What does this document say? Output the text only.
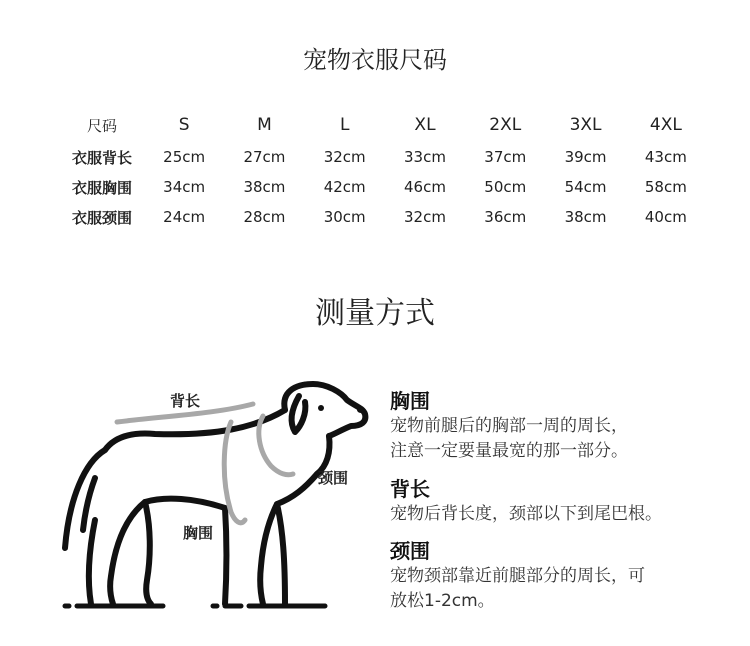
宠物衣服尺码
尺码	S	M	L	XL	2XL	3XL	4XL
衣服背长	25cm	27cm	32cm	33cm	37cm	39cm	43cm
衣服胸围	34cm	38cm	42cm	46cm	50cm	54cm	58cm
衣服颈围	24cm	28cm	30cm	32cm	36cm	38cm	40cm
测量方式
背长
颈围
胸围
胸围
宠物前腿后的胸部一周的周长，
注意一定要量最宽的那一部分。
背长
宠物后背长度，颈部以下到尾巴根。
颈围
宠物颈部靠近前腿部分的周长，可
放松1-2cm。
